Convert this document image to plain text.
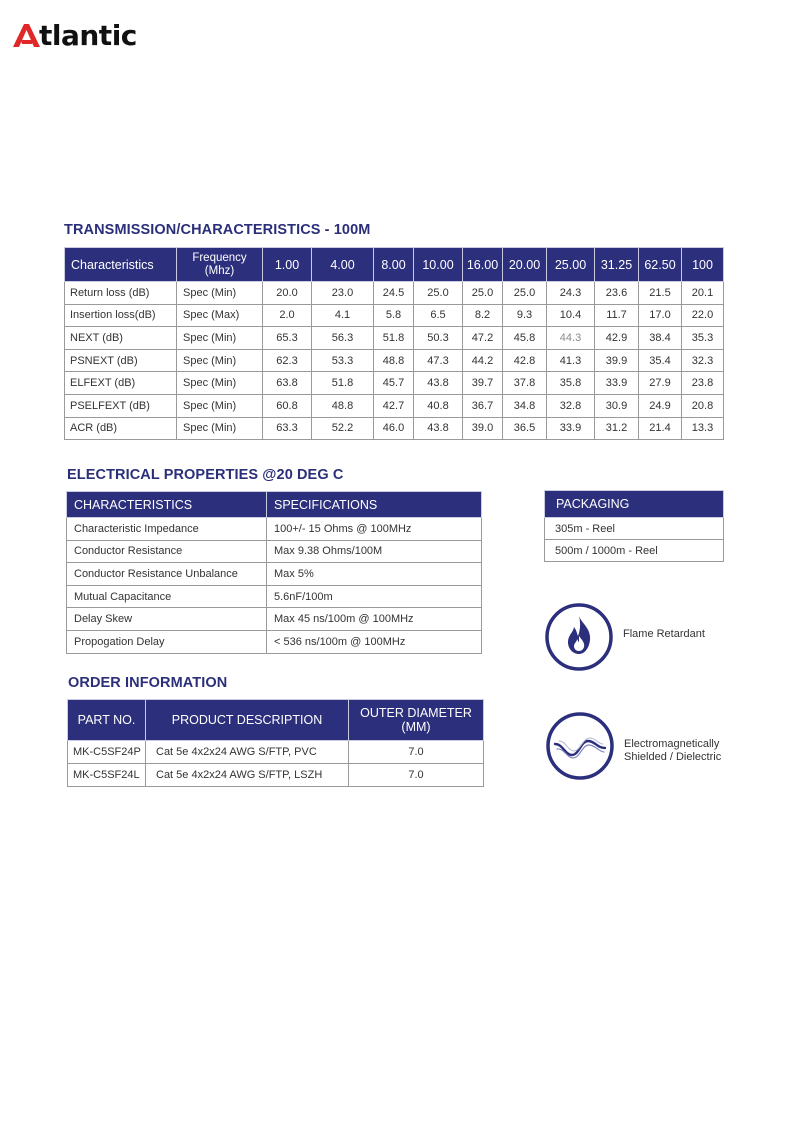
tlantic
TRANSMISSION/CHARACTERISTICS - 100M
Characteristics	Frequency (Mhz)	1.00	4.00	8.00	10.00	16.00	20.00	25.00	31.25	62.50	100
Return loss (dB)	Spec (Min)	20.0	23.0	24.5	25.0	25.0	25.0	24.3	23.6	21.5	20.1
Insertion loss(dB)	Spec (Max)	2.0	4.1	5.8	6.5	8.2	9.3	10.4	11.7	17.0	22.0
NEXT (dB)	Spec (Min)	65.3	56.3	51.8	50.3	47.2	45.8	44.3	42.9	38.4	35.3
PSNEXT (dB)	Spec (Min)	62.3	53.3	48.8	47.3	44.2	42.8	41.3	39.9	35.4	32.3
ELFEXT (dB)	Spec (Min)	63.8	51.8	45.7	43.8	39.7	37.8	35.8	33.9	27.9	23.8
PSELFEXT (dB)	Spec (Min)	60.8	48.8	42.7	40.8	36.7	34.8	32.8	30.9	24.9	20.8
ACR (dB)	Spec (Min)	63.3	52.2	46.0	43.8	39.0	36.5	33.9	31.2	21.4	13.3
ELECTRICAL PROPERTIES @20 DEG C
CHARACTERISTICS	SPECIFICATIONS
Characteristic Impedance	100+/- 15 Ohms @ 100MHz
Conductor Resistance	Max 9.38 Ohms/100M
Conductor Resistance Unbalance	Max 5%
Mutual Capacitance	5.6nF/100m
Delay Skew	Max 45 ns/100m @ 100MHz
Propogation Delay	< 536 ns/100m @ 100MHz
PACKAGING
305m - Reel
500m / 1000m - Reel
Flame Retardant
ORDER INFORMATION
PART NO.	PRODUCT DESCRIPTION	OUTER DIAMETER
(MM)

MK-C5SF24P	Cat 5e 4x2x24 AWG S/FTP, PVC	7.0
MK-C5SF24L	Cat 5e 4x2x24 AWG S/FTP, LSZH	7.0
Electromagnetically
Shielded / Dielectric
